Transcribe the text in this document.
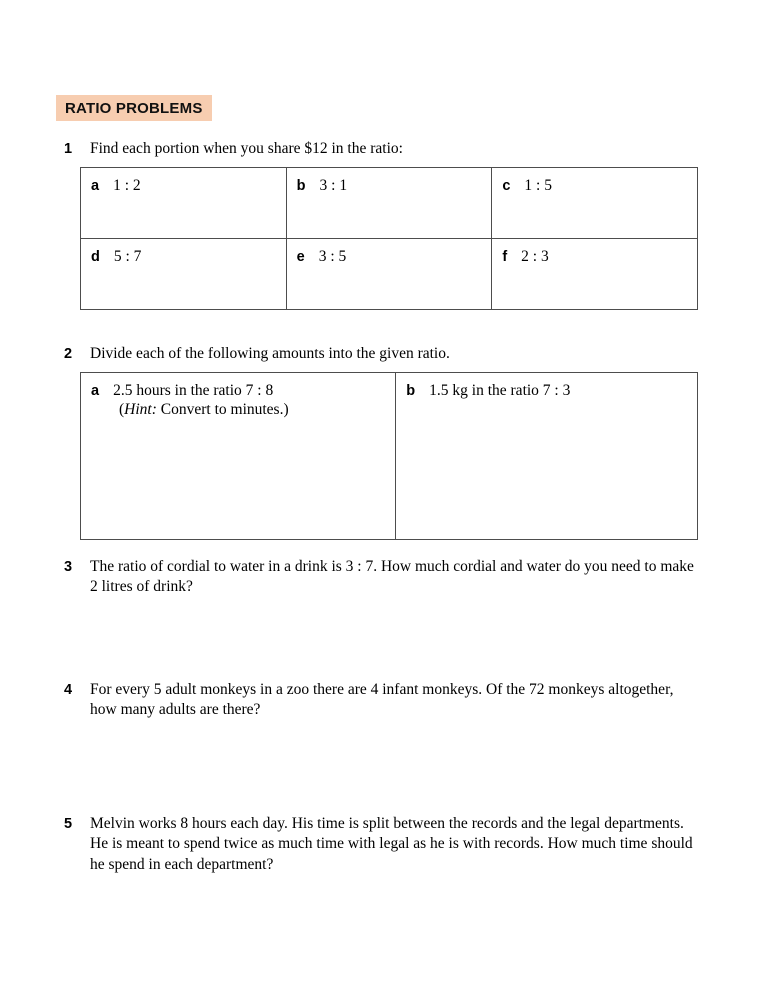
RATIO PROBLEMS
1	Find each portion when you share $12 in the ratio:
a 1 : 2	b 3 : 1	c 1 : 5
d 5 : 7	e 3 : 5	f 2 : 3
2	Divide each of the following amounts into the given ratio.
a 2.5 hours in the ratio 7 : 8
(Hint: Convert to minutes.)

b 1.5 kg in the ratio 7 : 3
3	The ratio of cordial to water in a drink is 3 : 7. How much cordial and water do you need to make 2 litres of drink?
4	For every 5 adult monkeys in a zoo there are 4 infant monkeys. Of the 72 monkeys altogether, how many adults are there?
5	Melvin works 8 hours each day. His time is split between the records and the legal departments. He is meant to spend twice as much time with legal as he is with records. How much time should he spend in each department?
